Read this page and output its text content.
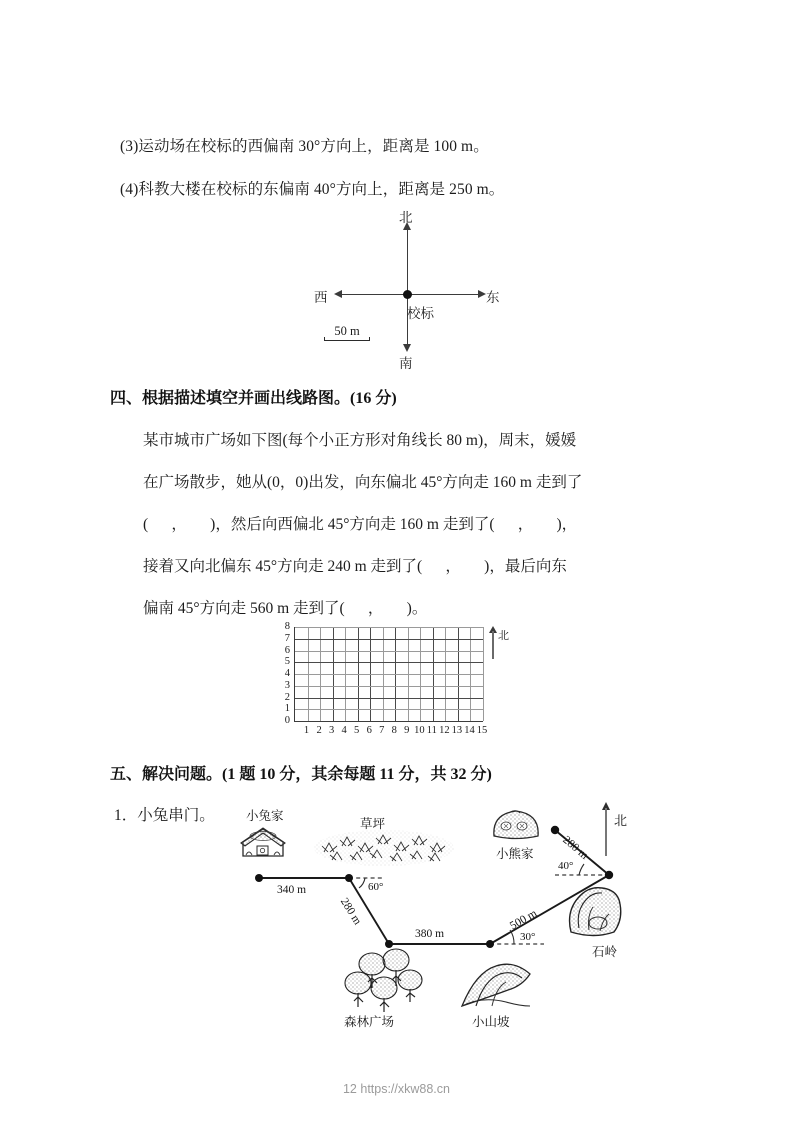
(3)运动场在校标的西偏南 30°方向上，距离是 100 m。
(4)科教大楼在校标的东偏南 40°方向上，距离是 250 m。
北
南
东
西
校标
50 m
四、根据描述填空并画出线路图。(16 分)
某市城市广场如下图(每个小正方形对角线长 80 m)，周末，媛媛
在广场散步，她从(0，0)出发，向东偏北 45°方向走 160 m 走到了
(      ，      )，然后向西偏北 45°方向走 160 m 走到了(      ，      )，
接着又向北偏东 45°方向走 240 m 走到了(      ，      )，最后向东
偏南 45°方向走 560 m 走到了(      ，      )。
0
1
2
3
4
5
6
7
8
1 2 3 4 5 6 7 8 9 10 11 12 13 14 15
北
五、解决问题。(1 题 10 分，其余每题 11 分，共 32 分)
1．小兔串门。	北
小兔家
草坪
小熊家
石岭
森林广场	小山坡
340 m
280 m
380 m
500 m
280 m
60°
30°
40°
12 https://xkw88.cn
